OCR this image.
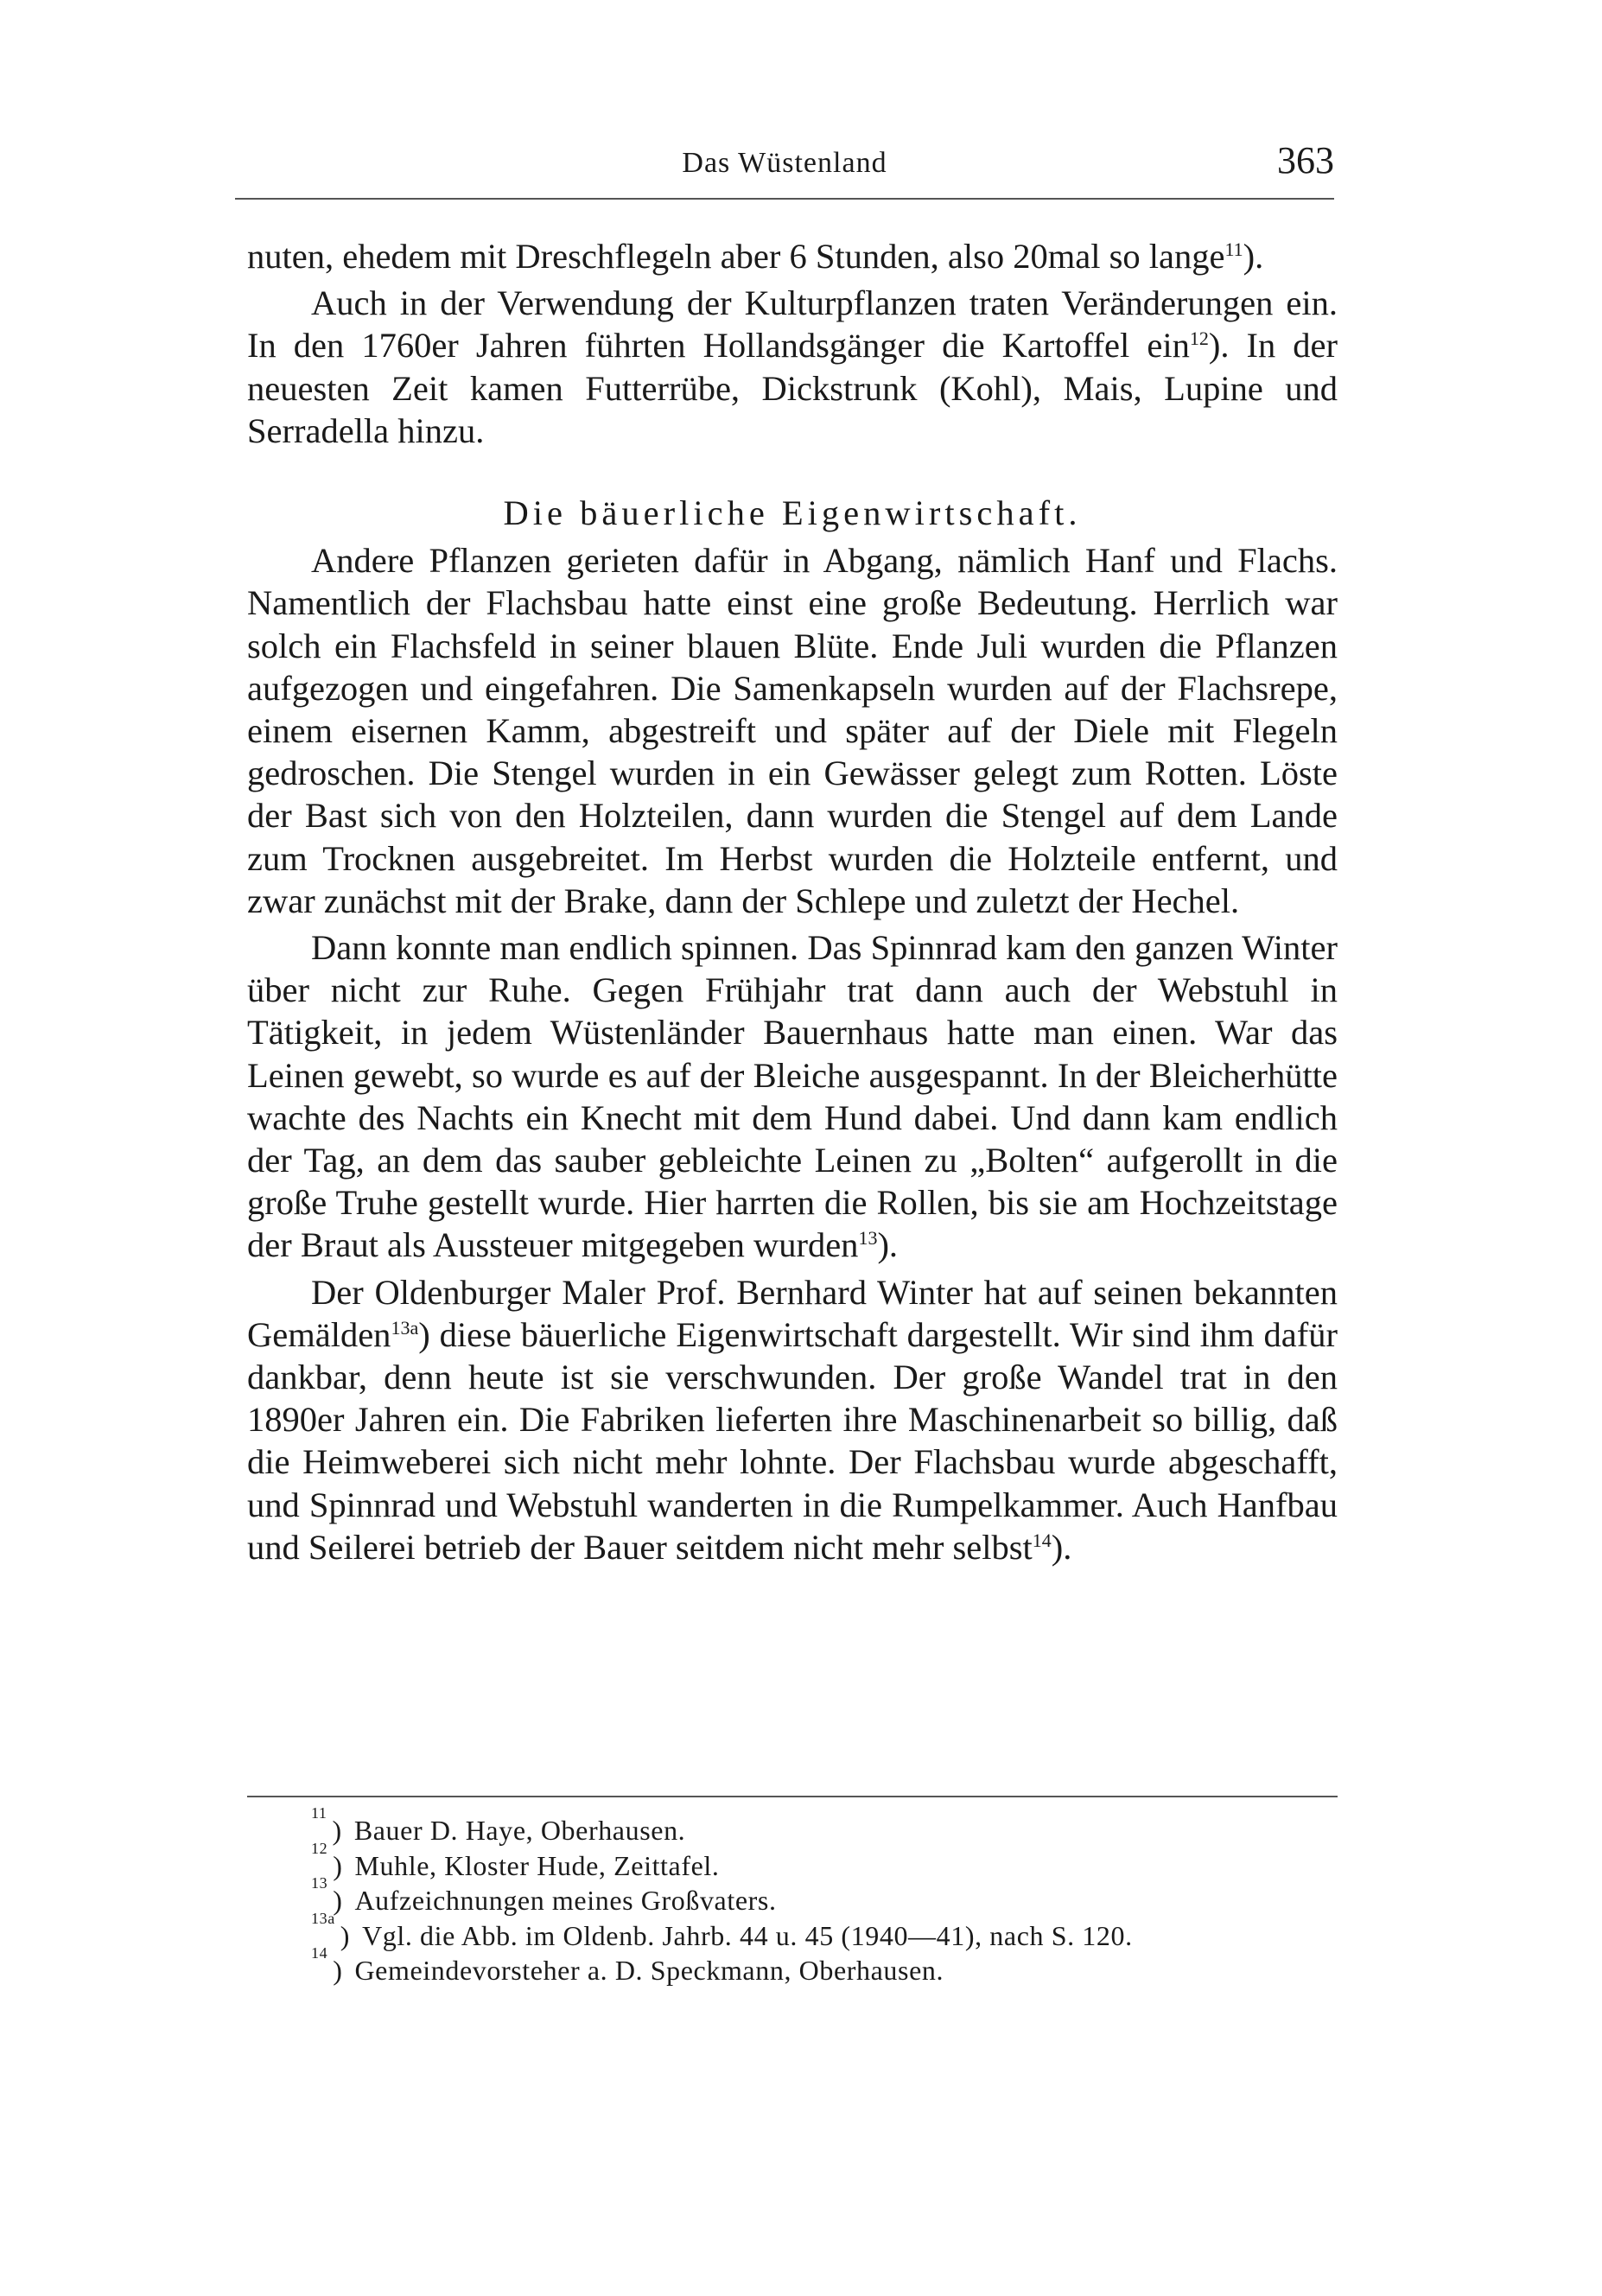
Das Wüstenland	363

nuten, ehedem mit Dreschflegeln aber 6 Stunden, also 20mal so lange$^{11}$).

Auch in der Verwendung der Kulturpflanzen traten Veränderungen ein. In den 1760er Jahren führten Hollandsgänger die Kartoffel ein$^{12}$). In der neuesten Zeit kamen Futterrübe, Dickstrunk (Kohl), Mais, Lupine und Serradella hinzu.

Die bäuerliche Eigenwirtschaft.

Andere Pflanzen gerieten dafür in Abgang, nämlich Hanf und Flachs. Namentlich der Flachsbau hatte einst eine große Bedeutung. Herrlich war solch ein Flachsfeld in seiner blauen Blüte. Ende Juli wurden die Pflanzen aufgezogen und eingefahren. Die Samenkapseln wurden auf der Flachsrepe, einem eisernen Kamm, abgestreift und später auf der Diele mit Flegeln gedroschen. Die Stengel wurden in ein Gewässer gelegt zum Rotten. Löste der Bast sich von den Holzteilen, dann wurden die Stengel auf dem Lande zum Trocknen ausgebreitet. Im Herbst wurden die Holzteile entfernt, und zwar zunächst mit der Brake, dann der Schlepe und zuletzt der Hechel.

Dann konnte man endlich spinnen. Das Spinnrad kam den ganzen Winter über nicht zur Ruhe. Gegen Frühjahr trat dann auch der Webstuhl in Tätigkeit, in jedem Wüstenländer Bauernhaus hatte man einen. War das Leinen gewebt, so wurde es auf der Bleiche ausgespannt. In der Bleicherhütte wachte des Nachts ein Knecht mit dem Hund dabei. Und dann kam endlich der Tag, an dem das sauber gebleichte Leinen zu „Bolten“ aufgerollt in die große Truhe gestellt wurde. Hier harrten die Rollen, bis sie am Hochzeitstage der Braut als Aussteuer mitgegeben wurden$^{13}$).

Der Oldenburger Maler Prof. Bernhard Winter hat auf seinen bekannten Gemälden$^{13a}$) diese bäuerliche Eigenwirtschaft dargestellt. Wir sind ihm dafür dankbar, denn heute ist sie verschwunden. Der große Wandel trat in den 1890er Jahren ein. Die Fabriken lieferten ihre Maschinenarbeit so billig, daß die Heimweberei sich nicht mehr lohnte. Der Flachsbau wurde abgeschafft, und Spinnrad und Webstuhl wanderten in die Rumpelkammer. Auch Hanfbau und Seilerei betrieb der Bauer seitdem nicht mehr selbst$^{14}$).

11
) Bauer D. Haye, Oberhausen.
12
) Muhle, Kloster Hude, Zeittafel.
13
) Aufzeichnungen meines Großvaters.
13a
) Vgl. die Abb. im Oldenb. Jahrb. 44 u. 45 (1940—41), nach S. 120.
14
) Gemeindevorsteher a. D. Speckmann, Oberhausen.
